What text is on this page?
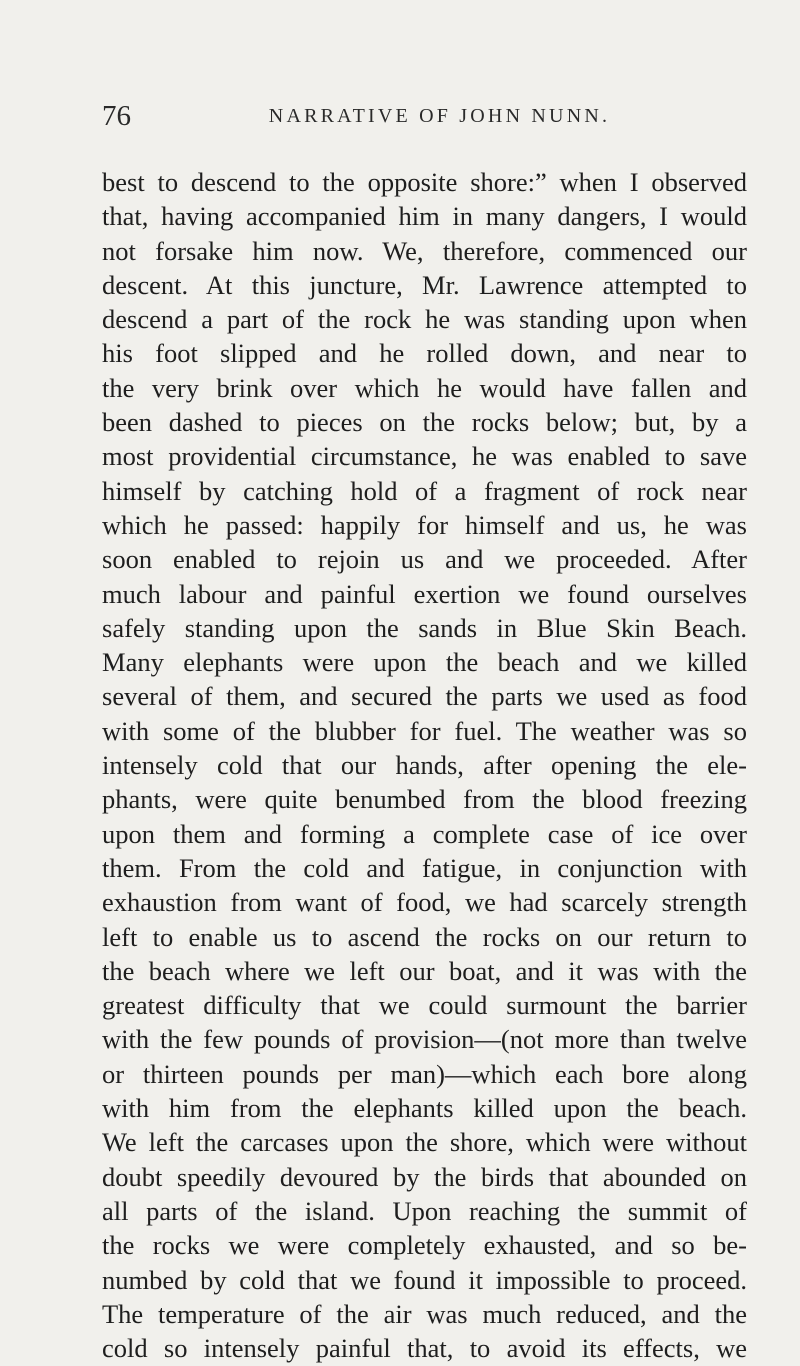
76	NARRATIVE OF JOHN NUNN.
best to descend to the opposite shore:” when I observed
that, having accompanied him in many dangers, I would
not forsake him now. We, therefore, commenced our
descent. At this juncture, Mr. Lawrence attempted to
descend a part of the rock he was standing upon when
his foot slipped and he rolled down, and near to
the very brink over which he would have fallen and
been dashed to pieces on the rocks below; but, by a
most providential circumstance, he was enabled to save
himself by catching hold of a fragment of rock near
which he passed: happily for himself and us, he was
soon enabled to rejoin us and we proceeded. After
much labour and painful exertion we found ourselves
safely standing upon the sands in Blue Skin Beach.
Many elephants were upon the beach and we killed
several of them, and secured the parts we used as food
with some of the blubber for fuel. The weather was so
intensely cold that our hands, after opening the ele-
phants, were quite benumbed from the blood freezing
upon them and forming a complete case of ice over
them. From the cold and fatigue, in conjunction with
exhaustion from want of food, we had scarcely strength
left to enable us to ascend the rocks on our return to
the beach where we left our boat, and it was with the
greatest difficulty that we could surmount the barrier
with the few pounds of provision—(not more than twelve
or thirteen pounds per man)—which each bore along
with him from the elephants killed upon the beach.
We left the carcases upon the shore, which were without
doubt speedily devoured by the birds that abounded on
all parts of the island. Upon reaching the summit of
the rocks we were completely exhausted, and so be-
numbed by cold that we found it impossible to proceed.
The temperature of the air was much reduced, and the
cold so intensely painful that, to avoid its effects, we
